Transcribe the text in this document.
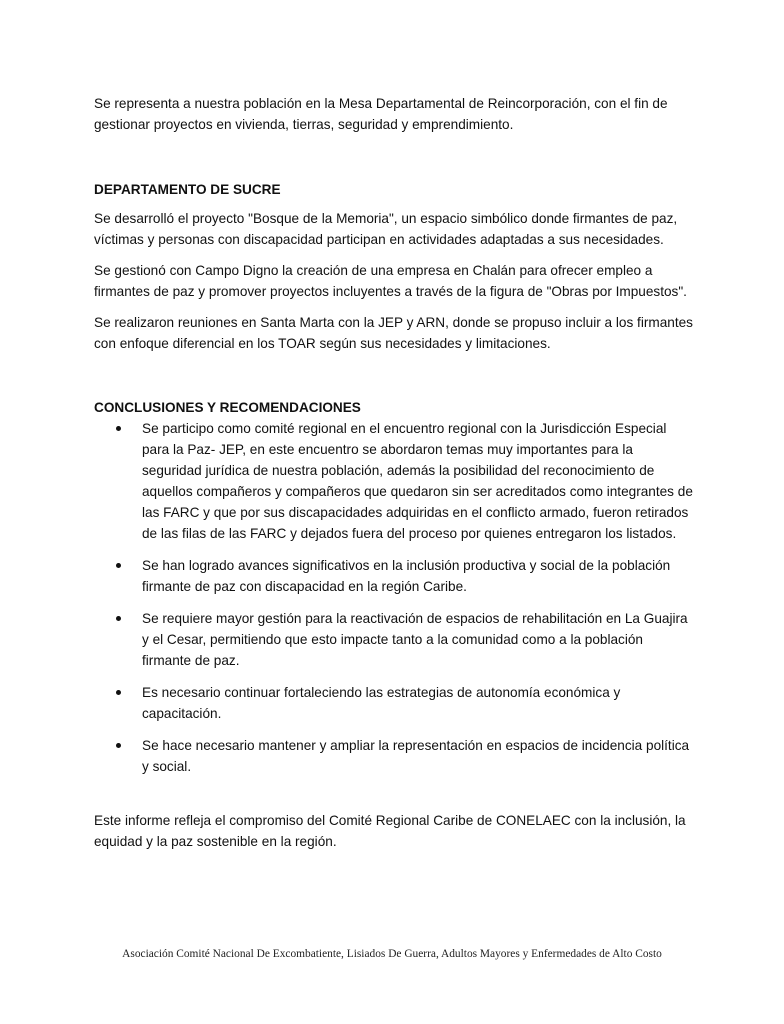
Se representa a nuestra población en la Mesa Departamental de Reincorporación, con el fin de gestionar proyectos en vivienda, tierras, seguridad y emprendimiento.

DEPARTAMENTO DE SUCRE

Se desarrolló el proyecto "Bosque de la Memoria", un espacio simbólico donde firmantes de paz, víctimas y personas con discapacidad participan en actividades adaptadas a sus necesidades.

Se gestionó con Campo Digno la creación de una empresa en Chalán para ofrecer empleo a firmantes de paz y promover proyectos incluyentes a través de la figura de "Obras por Impuestos".

Se realizaron reuniones en Santa Marta con la JEP y ARN, donde se propuso incluir a los firmantes con enfoque diferencial en los TOAR según sus necesidades y limitaciones.

CONCLUSIONES Y RECOMENDACIONES

Se participo como comité regional en el encuentro regional con la Jurisdicción Especial para la Paz- JEP, en este encuentro se abordaron temas muy importantes para la seguridad jurídica de nuestra población, además la posibilidad del reconocimiento de aquellos compañeros y compañeros que quedaron sin ser acreditados como integrantes de las FARC y que por sus discapacidades adquiridas en el conflicto armado, fueron retirados de las filas de las FARC y dejados fuera del proceso por quienes entregaron los listados.
Se han logrado avances significativos en la inclusión productiva y social de la población firmante de paz con discapacidad en la región Caribe.
Se requiere mayor gestión para la reactivación de espacios de rehabilitación en La Guajira y el Cesar, permitiendo que esto impacte tanto a la comunidad como a la población firmante de paz.
Es necesario continuar fortaleciendo las estrategias de autonomía económica y capacitación.
Se hace necesario mantener y ampliar la representación en espacios de incidencia política y social.

Este informe refleja el compromiso del Comité Regional Caribe de CONELAEC con la inclusión, la equidad y la paz sostenible en la región.

Asociación Comité Nacional De Excombatiente, Lisiados De Guerra, Adultos Mayores y Enfermedades de Alto Costo
